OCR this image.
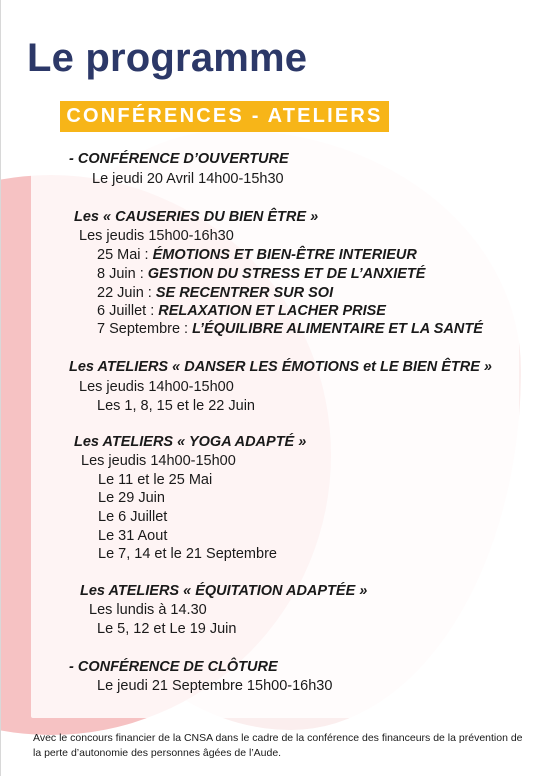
Le programme
CONFÉRENCES - ATELIERS
- CONFÉRENCE D’OUVERTURE
Le jeudi 20 Avril 14h00-15h30
Les « CAUSERIES DU BIEN ÊTRE »
Les jeudis 15h00-16h30
25 Mai : ÉMOTIONS ET BIEN-ÊTRE INTERIEUR
8 Juin : GESTION DU STRESS ET DE L’ANXIETÉ
22 Juin : SE RECENTRER SUR SOI
6 Juillet : RELAXATION ET LACHER PRISE
7 Septembre : L’ÉQUILIBRE ALIMENTAIRE ET LA SANTÉ
Les ATELIERS « DANSER LES ÉMOTIONS et LE BIEN ÊTRE »
Les jeudis 14h00-15h00
Les 1, 8, 15 et le 22 Juin
Les ATELIERS « YOGA ADAPTÉ »
Les jeudis 14h00-15h00
Le 11 et le 25 Mai
Le 29 Juin
Le 6 Juillet
Le 31 Aout
Le 7, 14 et le 21 Septembre
Les ATELIERS « ÉQUITATION ADAPTÉE »
Les lundis à 14.30
Le 5, 12 et Le 19 Juin
- CONFÉRENCE DE CLÔTURE
Le jeudi 21 Septembre 15h00-16h30
Avec le concours financier de la CNSA dans le cadre de la conférence des financeurs de la prévention de la perte d’autonomie des personnes âgées de l’Aude.
